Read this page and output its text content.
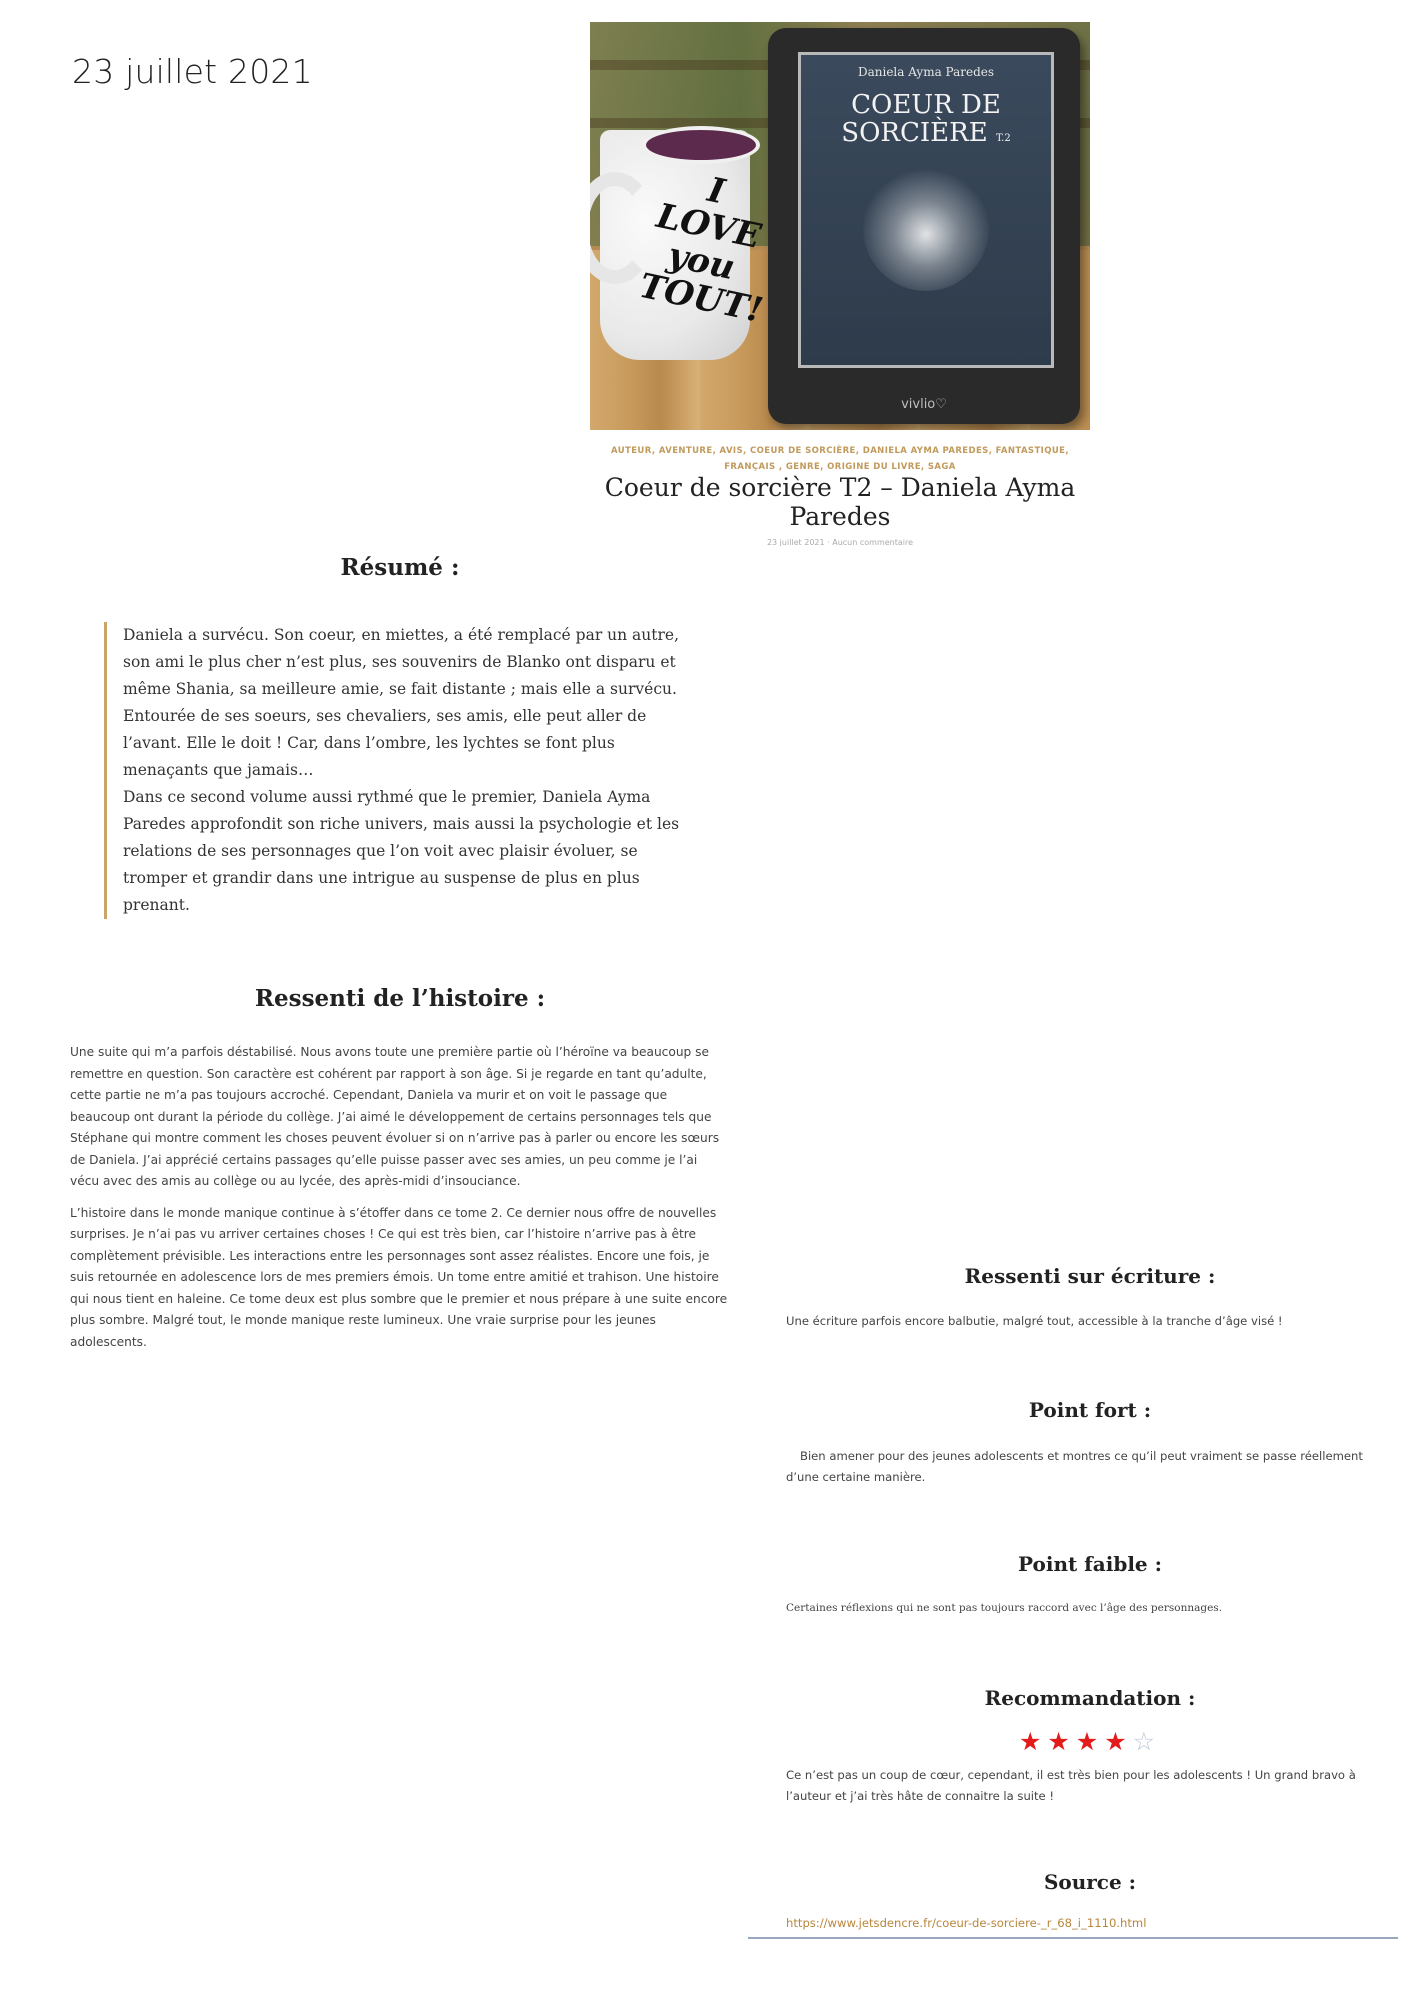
23 juillet 2021
I LOVE you TOUT!
Daniela Ayma Paredes
COEUR DE SORCIÈRE T.2
vivlio♡
AUTEUR, AVENTURE, AVIS, COEUR DE SORCIÈRE, DANIELA AYMA PAREDES, FANTASTIQUE, FRANÇAIS , GENRE, ORIGINE DU LIVRE, SAGA
Coeur de sorcière T2 – Daniela Ayma Paredes
23 juillet 2021 · Aucun commentaire
Résumé :

Daniela a survécu. Son coeur, en miettes, a été remplacé par un autre, son ami le plus cher n’est plus, ses souvenirs de Blanko ont disparu et même Shania, sa meilleure amie, se fait distante ; mais elle a survécu. Entourée de ses soeurs, ses chevaliers, ses amis, elle peut aller de l’avant. Elle le doit ! Car, dans l’ombre, les lychtes se font plus menaçants que jamais…

Dans ce second volume aussi rythmé que le premier, Daniela Ayma Paredes approfondit son riche univers, mais aussi la psychologie et les relations de ses personnages que l’on voit avec plaisir évoluer, se tromper et grandir dans une intrigue au suspense de plus en plus prenant.

Ressenti de l’histoire :

Une suite qui m’a parfois déstabilisé. Nous avons toute une première partie où l’héroïne va beaucoup se remettre en question. Son caractère est cohérent par rapport à son âge. Si je regarde en tant qu’adulte, cette partie ne m’a pas toujours accroché. Cependant, Daniela va murir et on voit le passage que beaucoup ont durant la période du collège. J’ai aimé le développement de certains personnages tels que Stéphane qui montre comment les choses peuvent évoluer si on n’arrive pas à parler ou encore les sœurs de Daniela. J’ai apprécié certains passages qu’elle puisse passer avec ses amies, un peu comme je l’ai vécu avec des amis au collège ou au lycée, des après-midi d’insouciance.

L’histoire dans le monde manique continue à s’étoffer dans ce tome 2. Ce dernier nous offre de nouvelles surprises. Je n’ai pas vu arriver certaines choses ! Ce qui est très bien, car l’histoire n’arrive pas à être complètement prévisible. Les interactions entre les personnages sont assez réalistes. Encore une fois, je suis retournée en adolescence lors de mes premiers émois. Un tome entre amitié et trahison. Une histoire qui nous tient en haleine. Ce tome deux est plus sombre que le premier et nous prépare à une suite encore plus sombre. Malgré tout, le monde manique reste lumineux. Une vraie surprise pour les jeunes adolescents.

Ressenti sur écriture :

Une écriture parfois encore balbutie, malgré tout, accessible à la tranche d’âge visé !

Point fort :

Bien amener pour des jeunes adolescents et montres ce qu’il peut vraiment se passe réellement d’une certaine manière.

Point faible :

Certaines réflexions qui ne sont pas toujours raccord avec l’âge des personnages.

Recommandation :
★★★★☆

Ce n’est pas un coup de cœur, cependant, il est très bien pour les adolescents ! Un grand bravo à l’auteur et j’ai très hâte de connaitre la suite !

Source :
https://www.jetsdencre.fr/coeur-de-sorciere-_r_68_i_1110.html
